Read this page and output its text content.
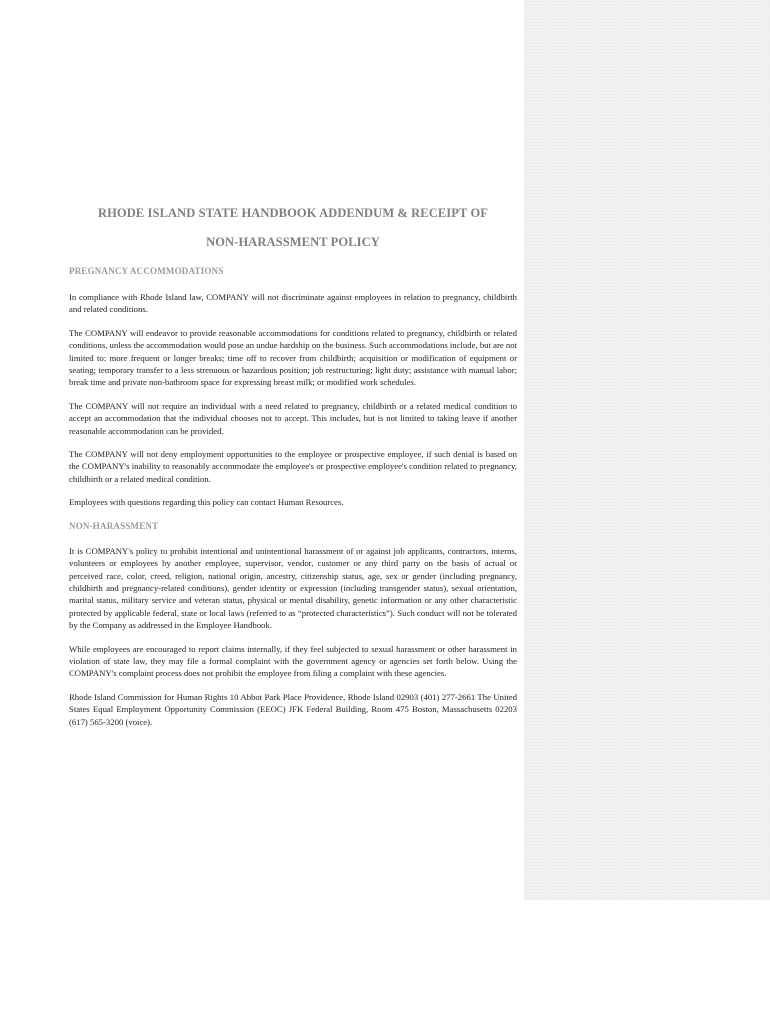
RHODE ISLAND STATE HANDBOOK ADDENDUM & RECEIPT OF
NON-HARASSMENT POLICY
PREGNANCY ACCOMMODATIONS

In compliance with Rhode Island law, COMPANY will not discriminate against employees in relation to pregnancy, childbirth and related conditions.

The COMPANY will endeavor to provide reasonable accommodations for conditions related to pregnancy, childbirth or related conditions, unless the accommodation would pose an undue hardship on the business. Such accommodations include, but are not limited to: more frequent or longer breaks; time off to recover from childbirth; acquisition or modification of equipment or seating; temporary transfer to a less strenuous or hazardous position; job restructuring; light duty; assistance with manual labor; break time and private non-bathroom space for expressing breast milk; or modified work schedules.

The COMPANY will not require an individual with a need related to pregnancy, childbirth or a related medical condition to accept an accommodation that the individual chooses not to accept. This includes, but is not limited to taking leave if another reasonable accommodation can be provided.

The COMPANY will not deny employment opportunities to the employee or prospective employee, if such denial is based on the COMPANY's inability to reasonably accommodate the employee's or prospective employee's condition related to pregnancy, childbirth or a related medical condition.

Employees with questions regarding this policy can contact Human Resources.

NON-HARASSMENT

It is COMPANY's policy to prohibit intentional and unintentional harassment of or against job applicants, contractors, interns, volunteers or employees by another employee, supervisor, vendor, customer or any third party on the basis of actual or perceived race, color, creed, religion, national origin, ancestry, citizenship status, age, sex or gender (including pregnancy, childbirth and pregnancy-related conditions), gender identity or expression (including transgender status), sexual orientation, marital status, military service and veteran status, physical or mental disability, genetic information or any other characteristic protected by applicable federal, state or local laws (referred to as “protected characteristics”). Such conduct will not be tolerated by the Company as addressed in the Employee Handbook.

While employees are encouraged to report claims internally, if they feel subjected to sexual harassment or other harassment in violation of state law, they may file a formal complaint with the government agency or agencies set forth below. Using the COMPANY's complaint process does not prohibit the employee from filing a complaint with these agencies.

Rhode Island Commission for Human Rights 10 Abbot Park Place Providence, Rhode Island 02903 (401) 277-2661 The United States Equal Employment Opportunity Commission (EEOC) JFK Federal Building, Room 475 Boston, Massachusetts 02203 (617) 565-3200 (voice).
